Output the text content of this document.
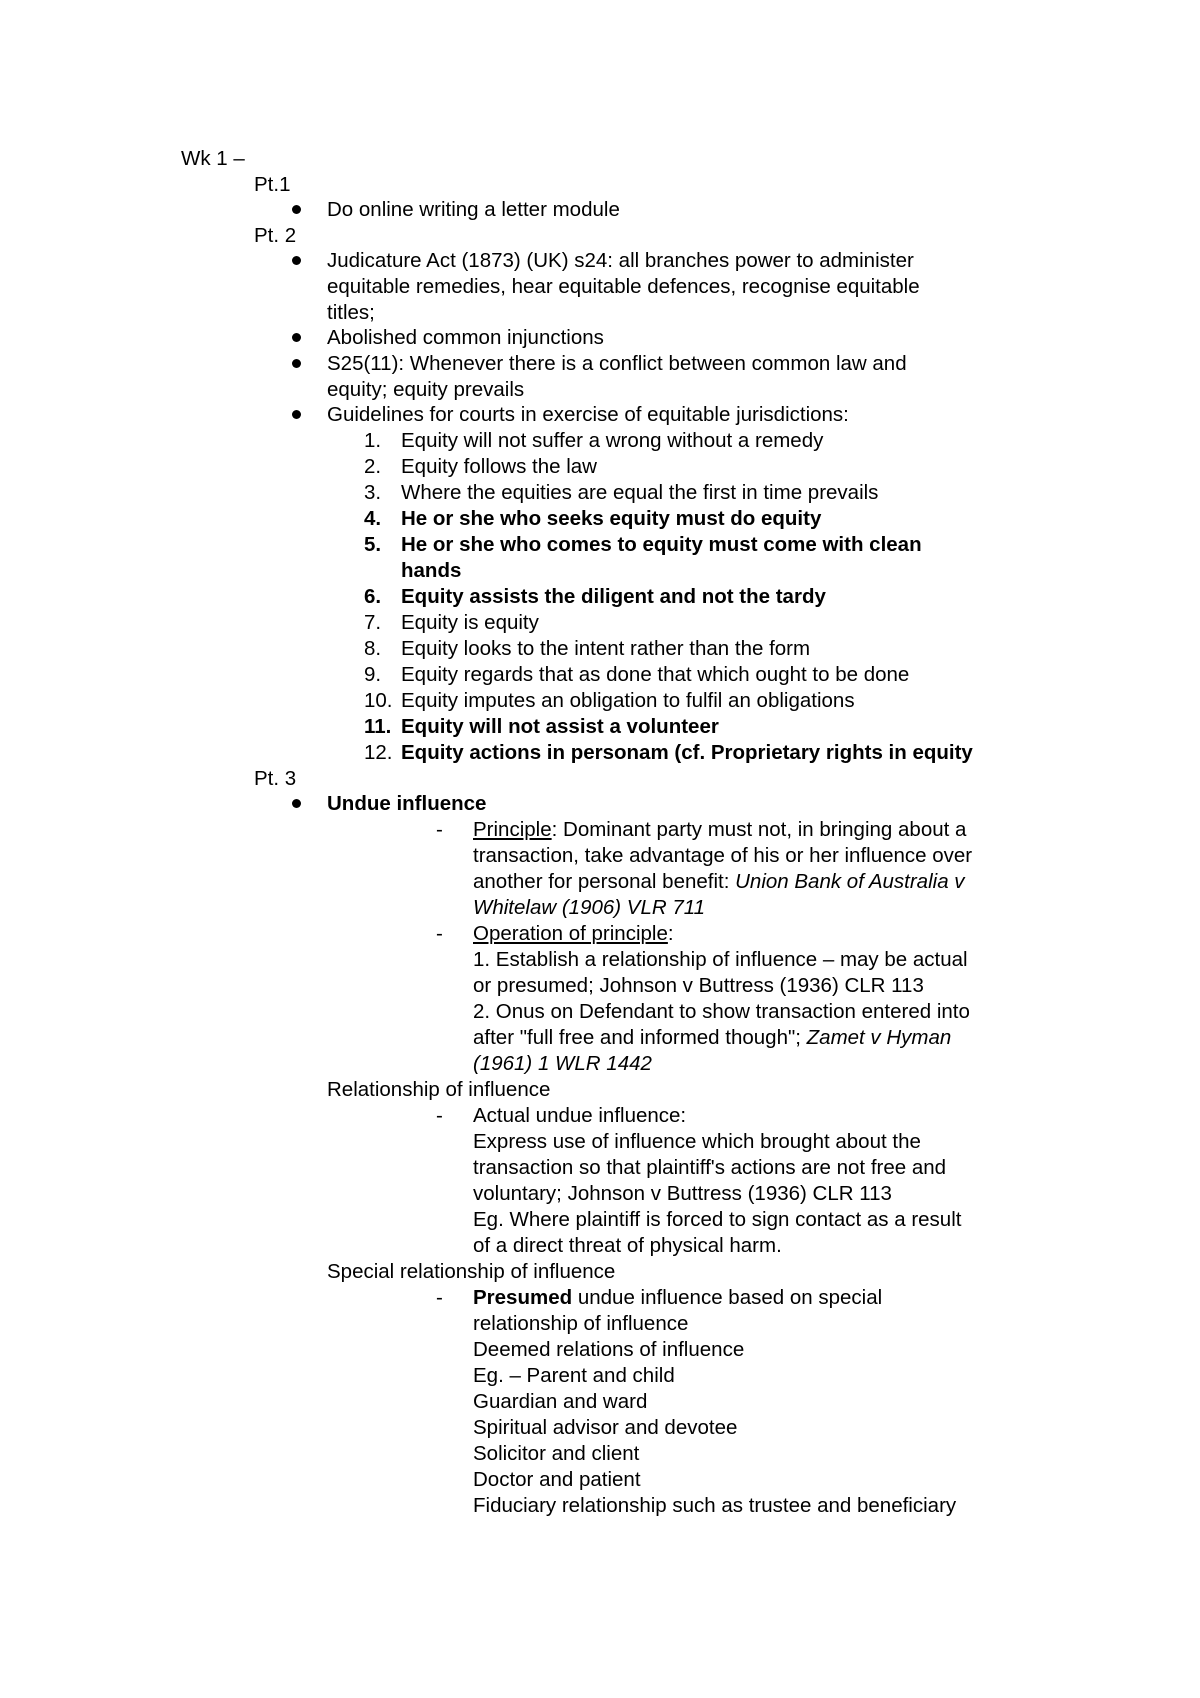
Wk 1 –
Pt.1
Do online writing a letter module
Pt. 2
Judicature Act (1873) (UK) s24: all branches power to administer
equitable remedies, hear equitable defences, recognise equitable
titles;
Abolished common injunctions
S25(11): Whenever there is a conflict between common law and
equity; equity prevails
Guidelines for courts in exercise of equitable jurisdictions:
1. Equity will not suffer a wrong without a remedy
2. Equity follows the law
3. Where the equities are equal the first in time prevails
4. He or she who seeks equity must do equity
5. He or she who comes to equity must come with clean
hands
6. Equity assists the diligent and not the tardy
7. Equity is equity
8. Equity looks to the intent rather than the form
9. Equity regards that as done that which ought to be done
10. Equity imputes an obligation to fulfil an obligations
11. Equity will not assist a volunteer
12. Equity actions in personam (cf. Proprietary rights in equity
Pt. 3
Undue influence
- Principle: Dominant party must not, in bringing about a
transaction, take advantage of his or her influence over
another for personal benefit: Union Bank of Australia v
Whitelaw (1906) VLR 711
- Operation of principle:
1. Establish a relationship of influence – may be actual
or presumed; Johnson v Buttress (1936) CLR 113
2. Onus on Defendant to show transaction entered into
after "full free and informed though"; Zamet v Hyman
(1961) 1 WLR 1442
Relationship of influence
- Actual undue influence:
Express use of influence which brought about the
transaction so that plaintiff's actions are not free and
voluntary; Johnson v Buttress (1936) CLR 113
Eg. Where plaintiff is forced to sign contact as a result
of a direct threat of physical harm.
Special relationship of influence
- Presumed undue influence based on special
relationship of influence
Deemed relations of influence
Eg. – Parent and child
Guardian and ward
Spiritual advisor and devotee
Solicitor and client
Doctor and patient
Fiduciary relationship such as trustee and beneficiary
